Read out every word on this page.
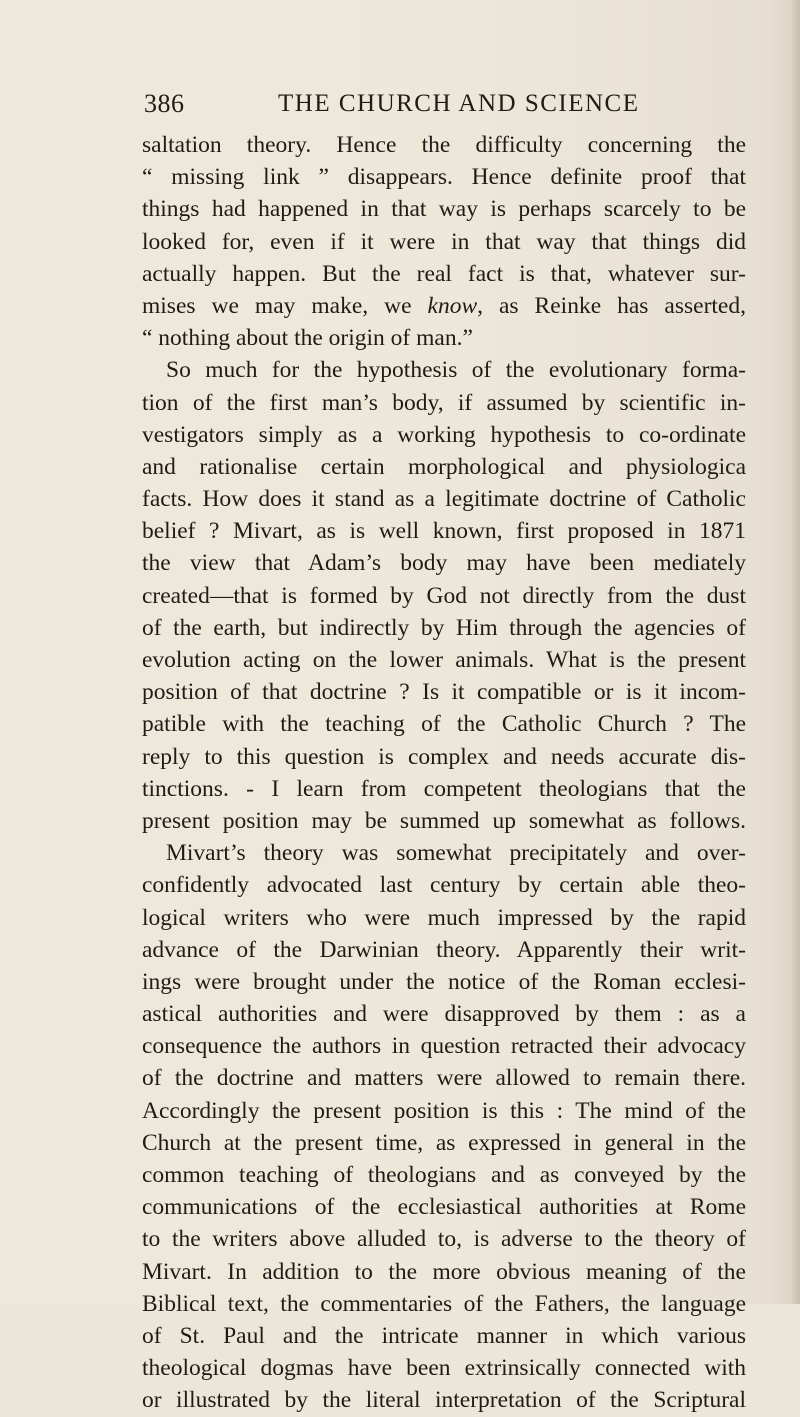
386	THE CHURCH AND SCIENCE
saltation theory. Hence the difficulty concerning the
“ missing link ” disappears. Hence definite proof that
things had happened in that way is perhaps scarcely to be
looked for, even if it were in that way that things did
actually happen. But the real fact is that, whatever sur-
mises we may make, we know, as Reinke has asserted,
“ nothing about the origin of man.”
So much for the hypothesis of the evolutionary forma-
tion of the first man’s body, if assumed by scientific in-
vestigators simply as a working hypothesis to co-ordinate
and rationalise certain morphological and physiologica
facts. How does it stand as a legitimate doctrine of Catholic
belief ? Mivart, as is well known, first proposed in 1871
the view that Adam’s body may have been mediately
created—that is formed by God not directly from the dust
of the earth, but indirectly by Him through the agencies of
evolution acting on the lower animals. What is the present
position of that doctrine ? Is it compatible or is it incom-
patible with the teaching of the Catholic Church ? The
reply to this question is complex and needs accurate dis-
tinctions. - I learn from competent theologians that the
present position may be summed up somewhat as follows.
Mivart’s theory was somewhat precipitately and over-
confidently advocated last century by certain able theo-
logical writers who were much impressed by the rapid
advance of the Darwinian theory. Apparently their writ-
ings were brought under the notice of the Roman ecclesi-
astical authorities and were disapproved by them : as a
consequence the authors in question retracted their advocacy
of the doctrine and matters were allowed to remain there.
Accordingly the present position is this : The mind of the
Church at the present time, as expressed in general in the
common teaching of theologians and as conveyed by the
communications of the ecclesiastical authorities at Rome
to the writers above alluded to, is adverse to the theory of
Mivart. In addition to the more obvious meaning of the
Biblical text, the commentaries of the Fathers, the language
of St. Paul and the intricate manner in which various
theological dogmas have been extrinsically connected with
or illustrated by the literal interpretation of the Scriptural
